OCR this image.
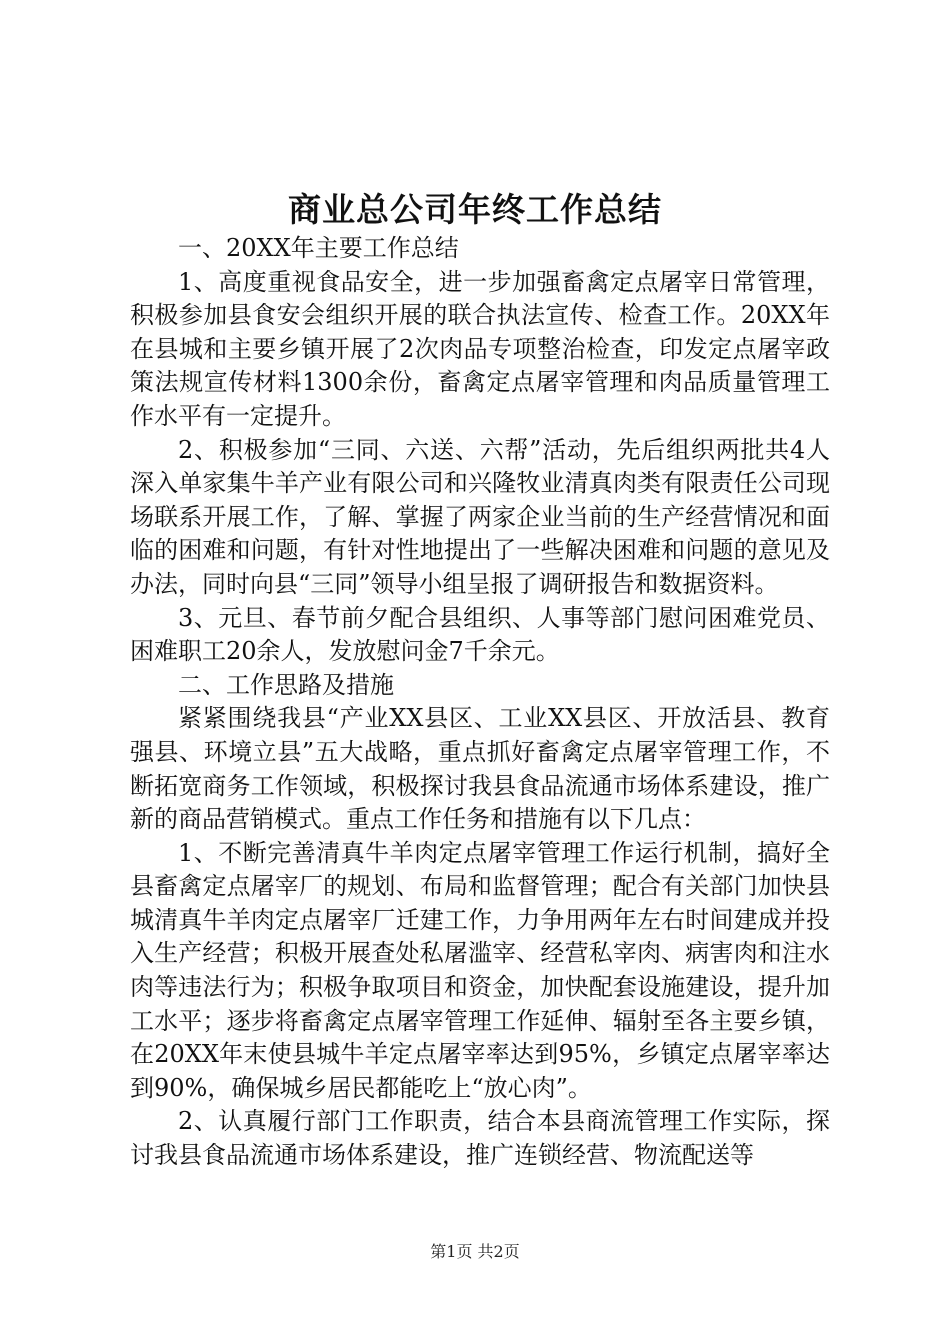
商业总公司年终工作总结

一、20XX年主要工作总结

1、高度重视食品安全，进一步加强畜禽定点屠宰日常管理，积极参加县食安会组织开展的联合执法宣传、检查工作。20XX年在县城和主要乡镇开展了2次肉品专项整治检查，印发定点屠宰政策法规宣传材料1300余份，畜禽定点屠宰管理和肉品质量管理工作水平有一定提升。

2、积极参加“三同、六送、六帮”活动，先后组织两批共4人深入单家集牛羊产业有限公司和兴隆牧业清真肉类有限责任公司现场联系开展工作，了解、掌握了两家企业当前的生产经营情况和面临的困难和问题，有针对性地提出了一些解决困难和问题的意见及办法，同时向县“三同”领导小组呈报了调研报告和数据资料。

3、元旦、春节前夕配合县组织、人事等部门慰问困难党员、困难职工20余人，发放慰问金7千余元。

二、工作思路及措施

紧紧围绕我县“产业XX县区、工业XX县区、开放活县、教育强县、环境立县”五大战略，重点抓好畜禽定点屠宰管理工作，不断拓宽商务工作领域，积极探讨我县食品流通市场体系建设，推广新的商品营销模式。重点工作任务和措施有以下几点：

1、不断完善清真牛羊肉定点屠宰管理工作运行机制，搞好全县畜禽定点屠宰厂的规划、布局和监督管理；配合有关部门加快县城清真牛羊肉定点屠宰厂迁建工作，力争用两年左右时间建成并投入生产经营；积极开展查处私屠滥宰、经营私宰肉、病害肉和注水肉等违法行为；积极争取项目和资金，加快配套设施建设，提升加工水平；逐步将畜禽定点屠宰管理工作延伸、辐射至各主要乡镇，在20XX年末使县城牛羊定点屠宰率达到95%，乡镇定点屠宰率达到90%，确保城乡居民都能吃上“放心肉”。

2、认真履行部门工作职责，结合本县商流管理工作实际，探讨我县食品流通市场体系建设，推广连锁经营、物流配送等

第1页 共2页
